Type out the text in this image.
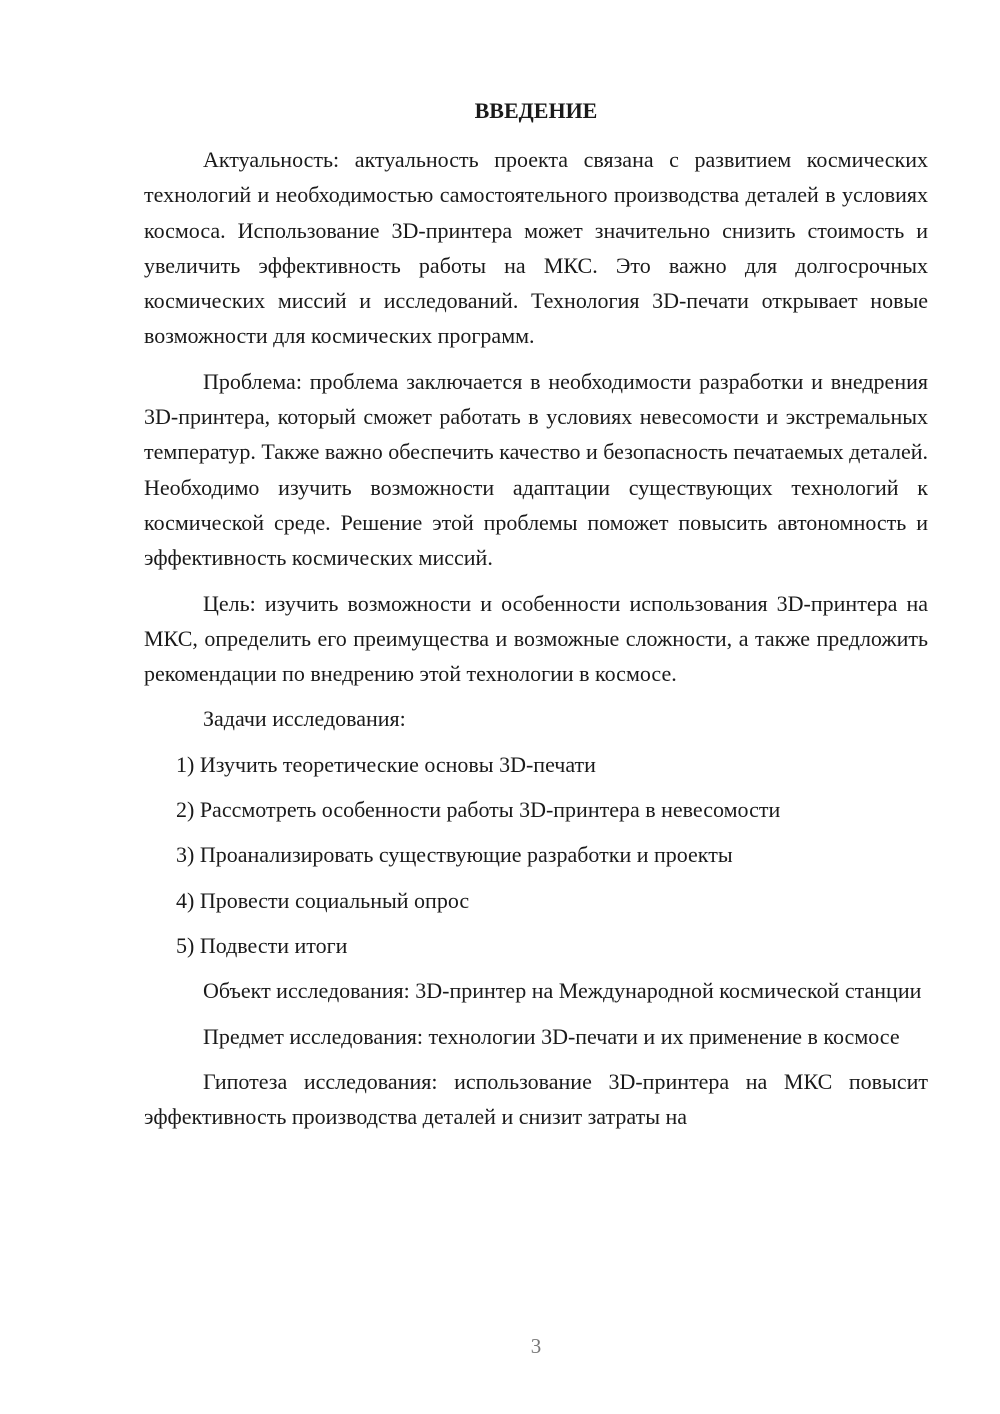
ВВЕДЕНИЕ

Актуальность: актуальность проекта связана с развитием космических технологий и необходимостью самостоятельного производства деталей в условиях космоса. Использование 3D-принтера может значительно снизить стоимость и увеличить эффективность работы на МКС. Это важно для долгосрочных космических миссий и исследований. Технология 3D-печати открывает новые возможности для космических программ.

Проблема: проблема заключается в необходимости разработки и внедрения 3D-принтера, который сможет работать в условиях невесомости и экстремальных температур. Также важно обеспечить качество и безопасность печатаемых деталей. Необходимо изучить возможности адаптации существующих технологий к космической среде. Решение этой проблемы поможет повысить автономность и эффективность космических миссий.

Цель: изучить возможности и особенности использования 3D-принтера на МКС, определить его преимущества и возможные сложности, а также предложить рекомендации по внедрению этой технологии в космосе.

Задачи исследования:

1) Изучить теоретические основы 3D-печати

2) Рассмотреть особенности работы 3D-принтера в невесомости

3) Проанализировать существующие разработки и проекты

4) Провести социальный опрос

5) Подвести итоги

Объект исследования: 3D-принтер на Международной космической станции

Предмет исследования: технологии 3D-печати и их применение в космосе

Гипотеза исследования: использование 3D-принтера на МКС повысит эффективность производства деталей и снизит затраты на

3
